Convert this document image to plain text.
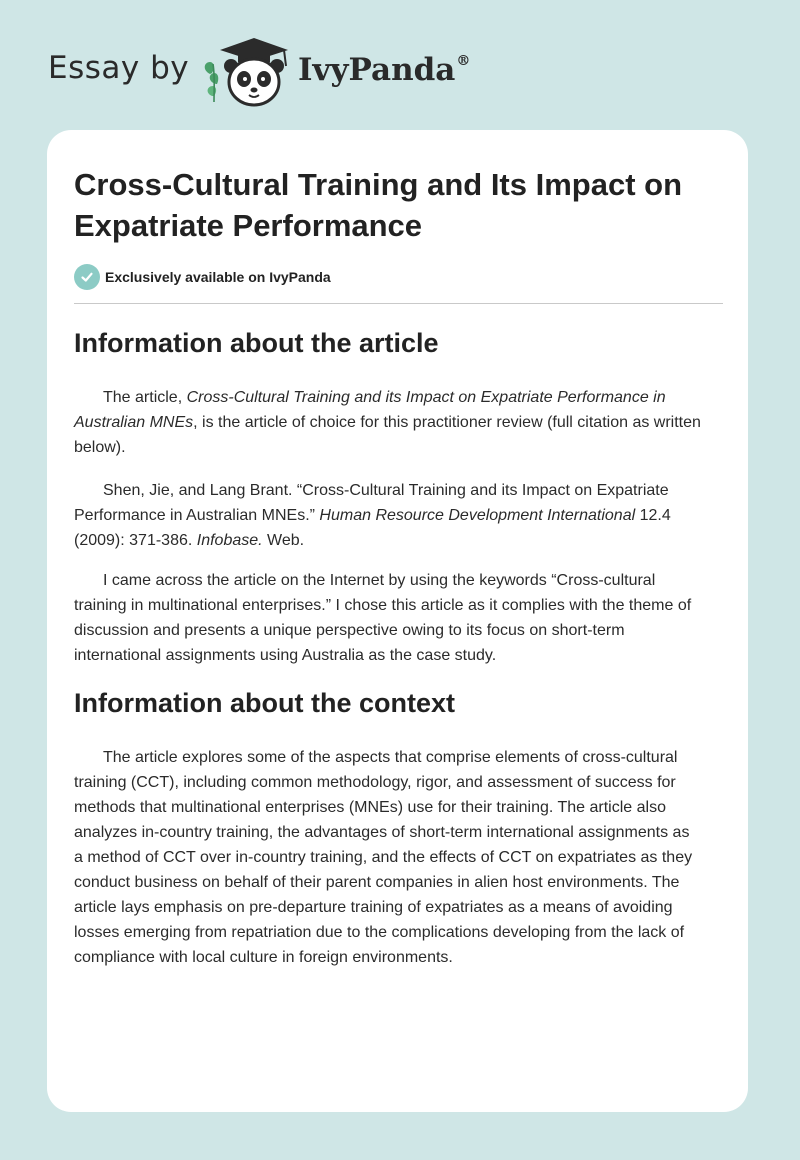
Essay by	IvyPanda®
Cross-Cultural Training and Its Impact on Expatriate Performance
Exclusively available on IvyPanda
Information about the article

The article, Cross-Cultural Training and its Impact on Expatriate Performance in Australian MNEs, is the article of choice for this practitioner review (full citation as written below).

Shen, Jie, and Lang Brant. “Cross-Cultural Training and its Impact on Expatriate Performance in Australian MNEs.” Human Resource Development International 12.4 (2009): 371-386. Infobase. Web.

I came across the article on the Internet by using the keywords “Cross-cultural training in multinational enterprises.” I chose this article as it complies with the theme of discussion and presents a unique perspective owing to its focus on short-term international assignments using Australia as the case study.

Information about the context

The article explores some of the aspects that comprise elements of cross-cultural training (CCT), including common methodology, rigor, and assessment of success for methods that multinational enterprises (MNEs) use for their training. The article also analyzes in-country training, the advantages of short-term international assignments as a method of CCT over in-country training, and the effects of CCT on expatriates as they conduct business on behalf of their parent companies in alien host environments. The article lays emphasis on pre-departure training of expatriates as a means of avoiding losses emerging from repatriation due to the complications developing from the lack of compliance with local culture in foreign environments.
